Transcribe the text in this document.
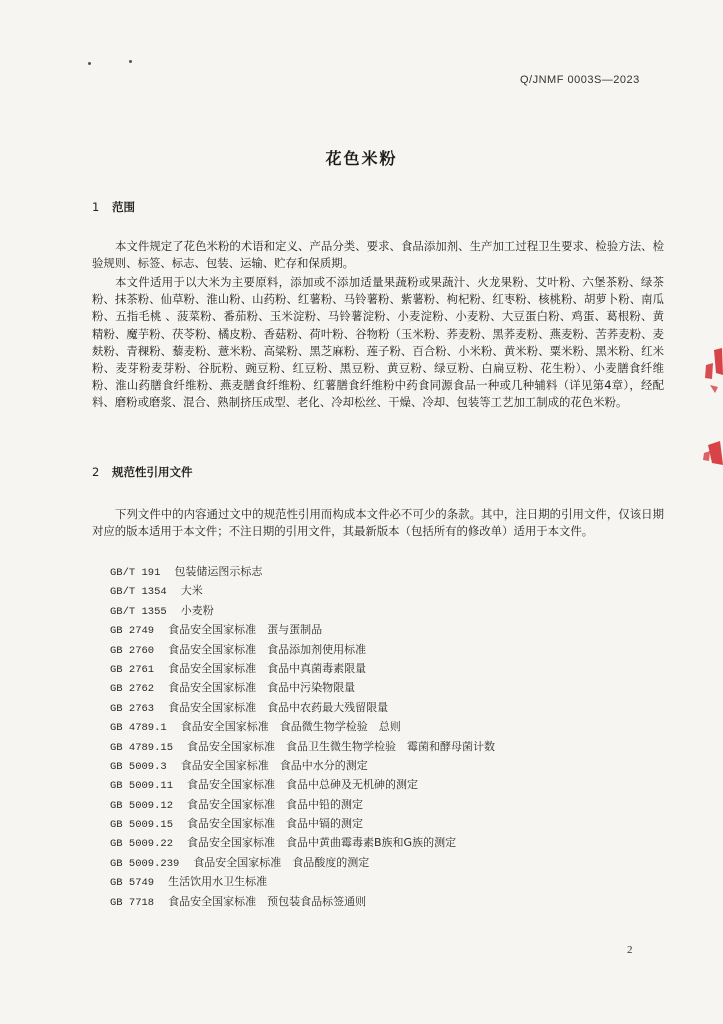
Q/JNMF 0003S—2023
花色米粉
1 范围
本文件规定了花色米粉的术语和定义、产品分类、要求、食品添加剂、生产加工过程卫生要求、检验方法、检验规则、标签、标志、包装、运输、贮存和保质期。
本文件适用于以大米为主要原料，添加或不添加适量果蔬粉或果蔬汁、火龙果粉、艾叶粉、六堡茶粉、绿茶粉、抹茶粉、仙草粉、淮山粉、山药粉、红薯粉、马铃薯粉、紫薯粉、枸杞粉、红枣粉、核桃粉、胡萝卜粉、南瓜粉、五指毛桃 、菠菜粉、番茄粉、玉米淀粉、马铃薯淀粉、小麦淀粉、小麦粉、大豆蛋白粉、鸡蛋、葛根粉、黄精粉、魔芋粉、茯苓粉、橘皮粉、香菇粉、荷叶粉、谷物粉（玉米粉、荞麦粉、黑荞麦粉、燕麦粉、苦荞麦粉、麦麸粉、青稞粉、藜麦粉、薏米粉、高粱粉、黑芝麻粉、莲子粉、百合粉、小米粉、黄米粉、粟米粉、黑米粉、红米粉、麦芽粉麦芽粉、谷朊粉、豌豆粉、红豆粉、黑豆粉、黄豆粉、绿豆粉、白扁豆粉、花生粉）、小麦膳食纤维粉、淮山药膳食纤维粉、燕麦膳食纤维粉、红薯膳食纤维粉中药食同源食品一种或几种辅料（详见第4章），经配料、磨粉或磨浆、混合、熟制挤压成型、老化、冷却松丝、干燥、冷却、包装等工艺加工制成的花色米粉。
2 规范性引用文件
下列文件中的内容通过文中的规范性引用而构成本文件必不可少的条款。其中，注日期的引用文件，仅该日期对应的版本适用于本文件；不注日期的引用文件，其最新版本（包括所有的修改单）适用于本文件。
GB/T 191 包装储运图示标志
GB/T 1354 大米
GB/T 1355 小麦粉
GB 2749 食品安全国家标准　蛋与蛋制品
GB 2760 食品安全国家标准　食品添加剂使用标准
GB 2761 食品安全国家标准　食品中真菌毒素限量
GB 2762 食品安全国家标准　食品中污染物限量
GB 2763 食品安全国家标准　食品中农药最大残留限量
GB 4789.1 食品安全国家标准　食品微生物学检验　总则
GB 4789.15 食品安全国家标准　食品卫生微生物学检验　霉菌和酵母菌计数
GB 5009.3 食品安全国家标准　食品中水分的测定
GB 5009.11 食品安全国家标准　食品中总砷及无机砷的测定
GB 5009.12 食品安全国家标准　食品中铅的测定
GB 5009.15 食品安全国家标准　食品中镉的测定
GB 5009.22 食品安全国家标准　食品中黄曲霉毒素B族和G族的测定
GB 5009.239 食品安全国家标准　食品酸度的测定
GB 5749 生活饮用水卫生标准
GB 7718 食品安全国家标准　预包装食品标签通则
2
